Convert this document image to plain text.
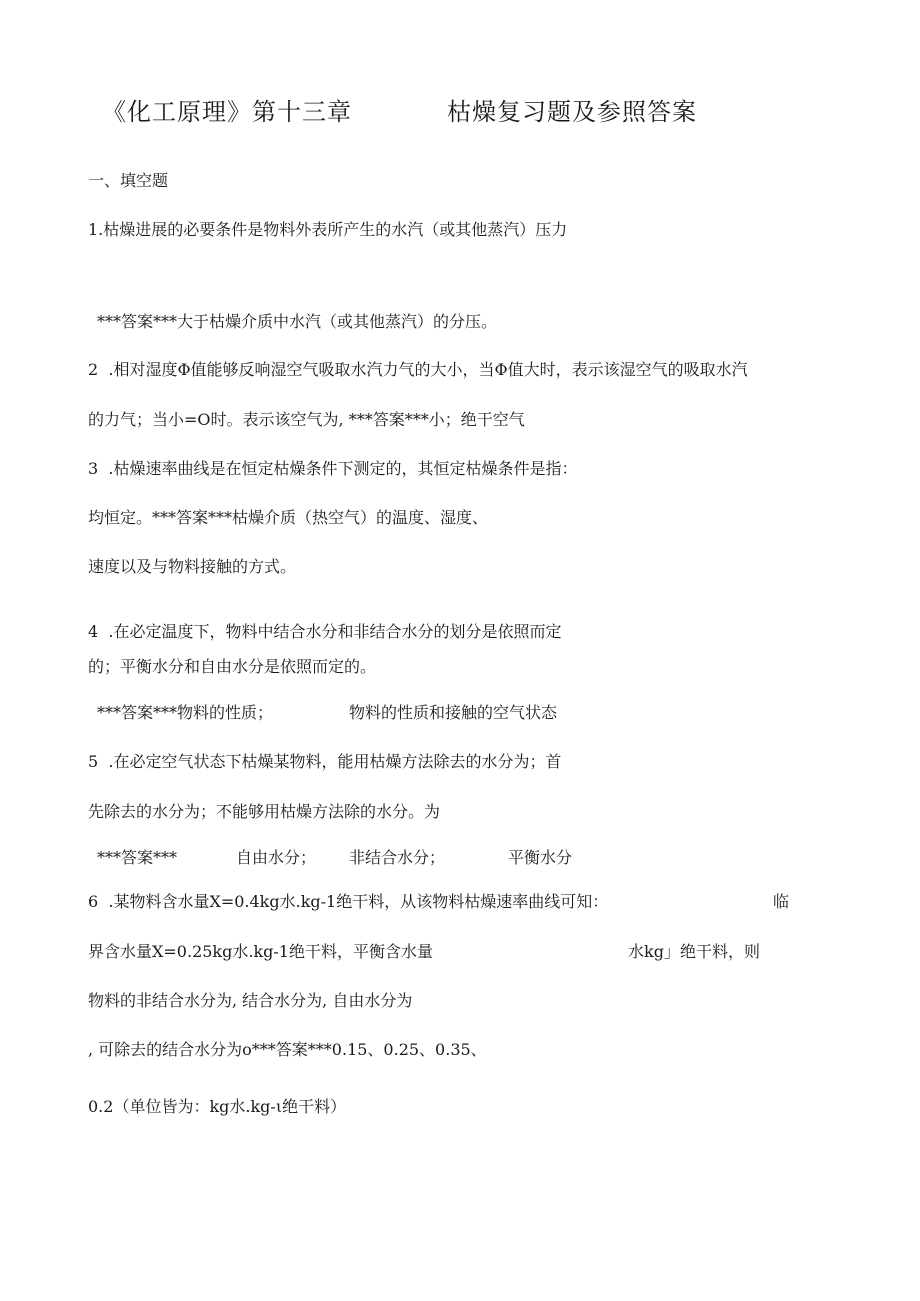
《化工原理》第十三章	枯燥复习题及参照答案
一、填空题
1.枯燥进展的必要条件是物料外表所产生的水汽（或其他蒸汽）压力
***答案***大于枯燥介质中水汽（或其他蒸汽）的分压。
2  .相对湿度Φ值能够反响湿空气吸取水汽力气的大小，当Φ值大时，表示该湿空气的吸取水汽
的力气；当小=O时。表示该空气为, ***答案***小；绝干空气
3  .枯燥速率曲线是在恒定枯燥条件下测定的，其恒定枯燥条件是指：
均恒定。***答案***枯燥介质（热空气）的温度、湿度、
速度以及与物料接触的方式。
4  .在必定温度下，物料中结合水分和非结合水分的划分是依照而定
的；平衡水分和自由水分是依照而定的。
***答案***物料的性质；	物料的性质和接触的空气状态
5  .在必定空气状态下枯燥某物料，能用枯燥方法除去的水分为；首
先除去的水分为；不能够用枯燥方法除的水分。为
***答案***	自由水分； 非结合水分；	平衡水分
6  .某物料含水量X=0.4kg水.kg-1绝干料，从该物料枯燥速率曲线可知：	临
界含水量X=0.25kg水.kg-1绝干料，平衡含水量	水kg」绝干料，则
物料的非结合水分为, 结合水分为, 自由水分为
, 可除去的结合水分为o***答案***0.15、0.25、0.35、
0.2（单位皆为：kg水.kg-ι绝干料）
